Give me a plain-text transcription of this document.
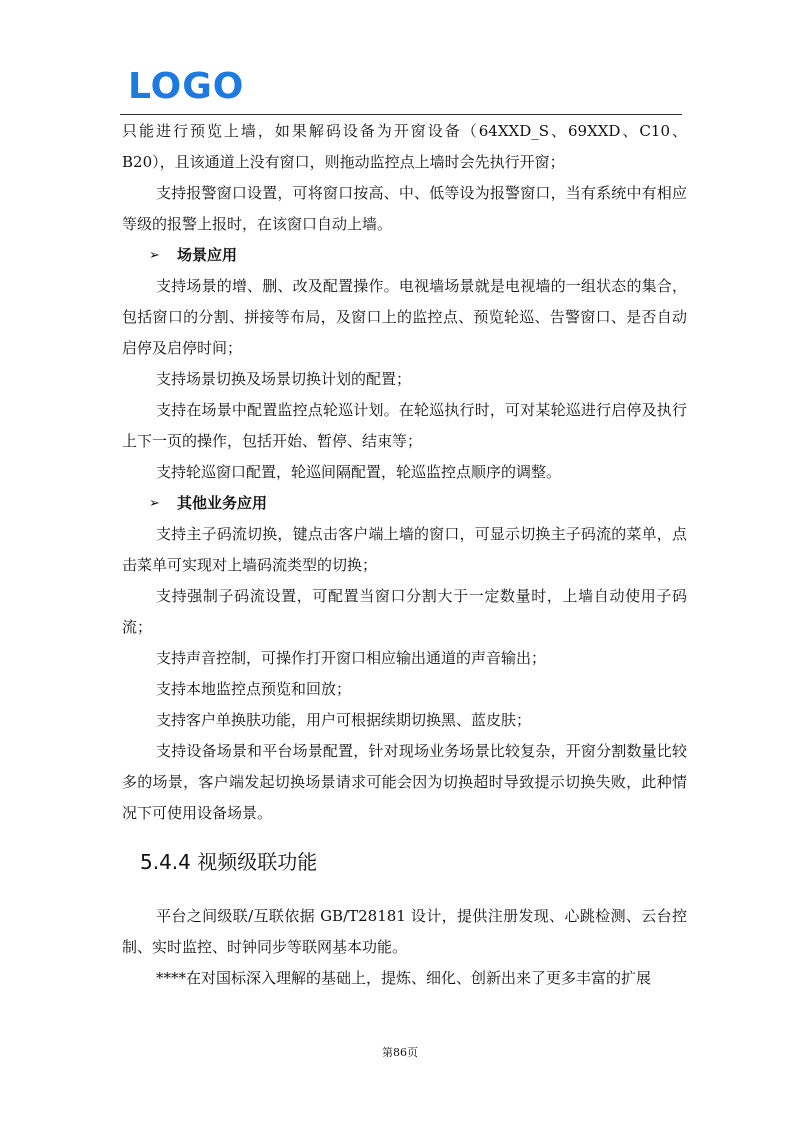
LOGO

只能进行预览上墙，如果解码设备为开窗设备（64XXD_S、69XXD、C10、B20），且该通道上没有窗口，则拖动监控点上墙时会先执行开窗；

支持报警窗口设置，可将窗口按高、中、低等设为报警窗口，当有系统中有相应等级的报警上报时，在该窗口自动上墙。

➢	场景应用

支持场景的增、删、改及配置操作。电视墙场景就是电视墙的一组状态的集合，包括窗口的分割、拼接等布局，及窗口上的监控点、预览轮巡、告警窗口、是否自动启停及启停时间；

支持场景切换及场景切换计划的配置；

支持在场景中配置监控点轮巡计划。在轮巡执行时，可对某轮巡进行启停及执行上下一页的操作，包括开始、暂停、结束等；

支持轮巡窗口配置，轮巡间隔配置，轮巡监控点顺序的调整。

➢	其他业务应用

支持主子码流切换，键点击客户端上墙的窗口，可显示切换主子码流的菜单，点击菜单可实现对上墙码流类型的切换；

支持强制子码流设置，可配置当窗口分割大于一定数量时，上墙自动使用子码流；

支持声音控制，可操作打开窗口相应输出通道的声音输出；

支持本地监控点预览和回放；

支持客户单换肤功能，用户可根据续期切换黑、蓝皮肤；

支持设备场景和平台场景配置，针对现场业务场景比较复杂，开窗分割数量比较多的场景，客户端发起切换场景请求可能会因为切换超时导致提示切换失败，此种情况下可使用设备场景。

5.4.4 视频级联功能

平台之间级联/互联依据 GB/T28181 设计，提供注册发现、心跳检测、云台控制、实时监控、时钟同步等联网基本功能。

****在对国标深入理解的基础上，提炼、细化、创新出来了更多丰富的扩展

第86页
